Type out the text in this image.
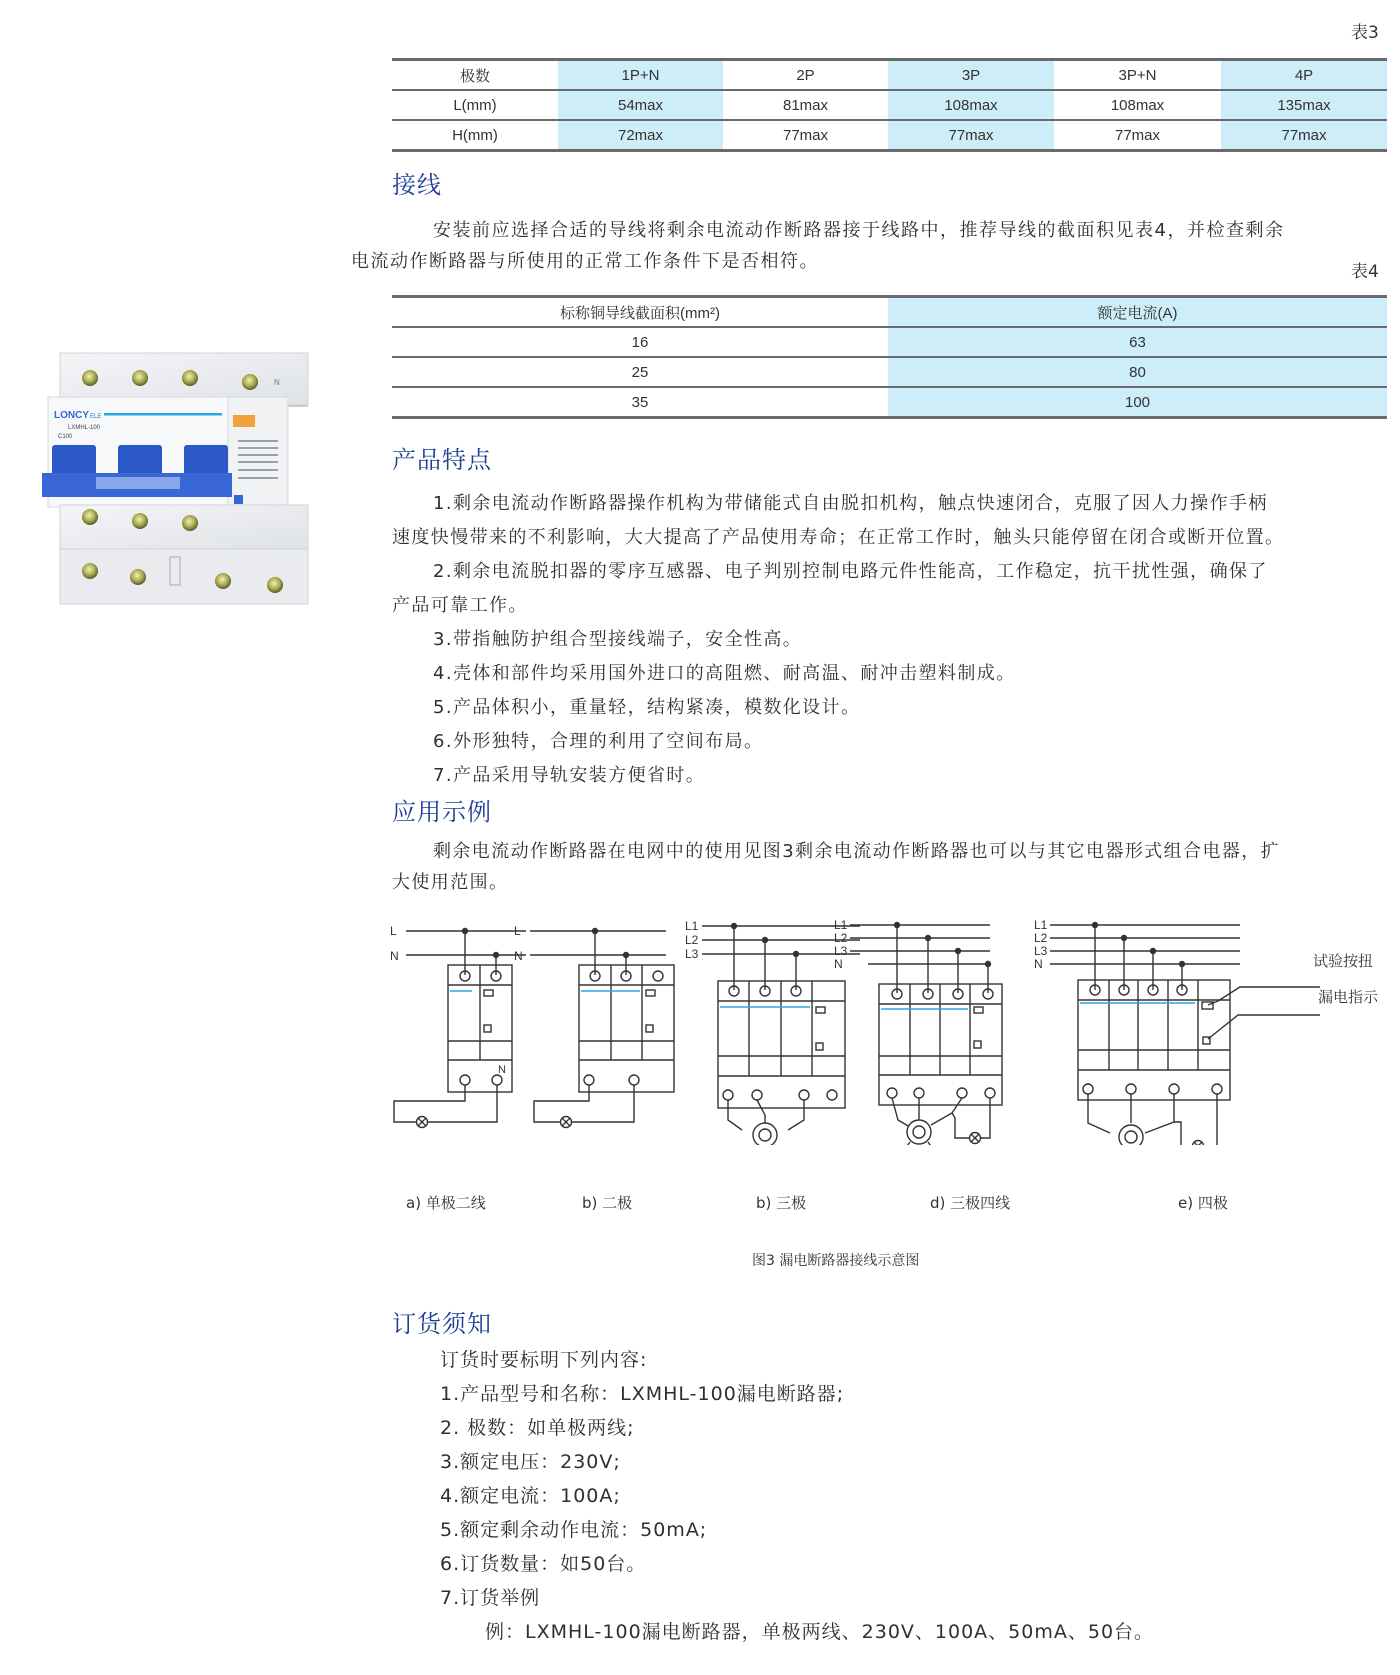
N
LONCY ELE
LXMHL-100
C100
表3
极数	1P+N	2P	3P	3P+N	4P
L(mm)	54max	81max	108max	108max	135max
H(mm)	72max	77max	77max	77max	77max
接线
安装前应选择合适的导线将剩余电流动作断路器接于线路中，推荐导线的截面积见表4，并检查剩余
电流动作断路器与所使用的正常工作条件下是否相符。	表4
标称铜导线截面积(mm²)	额定电流(A)
16	63
25	80
35	100
产品特点
1.剩余电流动作断路器操作机构为带储能式自由脱扣机构，触点快速闭合，克服了因人力操作手柄
速度快慢带来的不利影响，大大提高了产品使用寿命；在正常工作时，触头只能停留在闭合或断开位置。
2.剩余电流脱扣器的零序互感器、电子判别控制电路元件性能高，工作稳定，抗干扰性强，确保了
产品可靠工作。
3.带指触防护组合型接线端子，安全性高。
4.壳体和部件均采用国外进口的高阻燃、耐高温、耐冲击塑料制成。
5.产品体积小，重量轻，结构紧凑，模数化设计。
6.外形独特，合理的利用了空间布局。
7.产品采用导轨安装方便省时。
应用示例
剩余电流动作断路器在电网中的使用见图3剩余电流动作断路器也可以与其它电器形式组合电器，扩
大使用范围。
L
N
N
L
N
L1
L2
L3
L1
L2
L3
N
L1
L2
L3
N	试验按扭
漏电指示
a) 单极二线	b) 二极	b) 三极	d) 三极四线	e) 四极
图3 漏电断路器接线示意图
订货须知
订货时要标明下列内容:
1.产品型号和名称：LXMHL-100漏电断路器;
2. 极数：如单极两线;
3.额定电压：230V;
4.额定电流：100A;
5.额定剩余动作电流：50mA;
6.订货数量：如50台。
7.订货举例
例：LXMHL-100漏电断路器，单极两线、230V、100A、50mA、50台。
